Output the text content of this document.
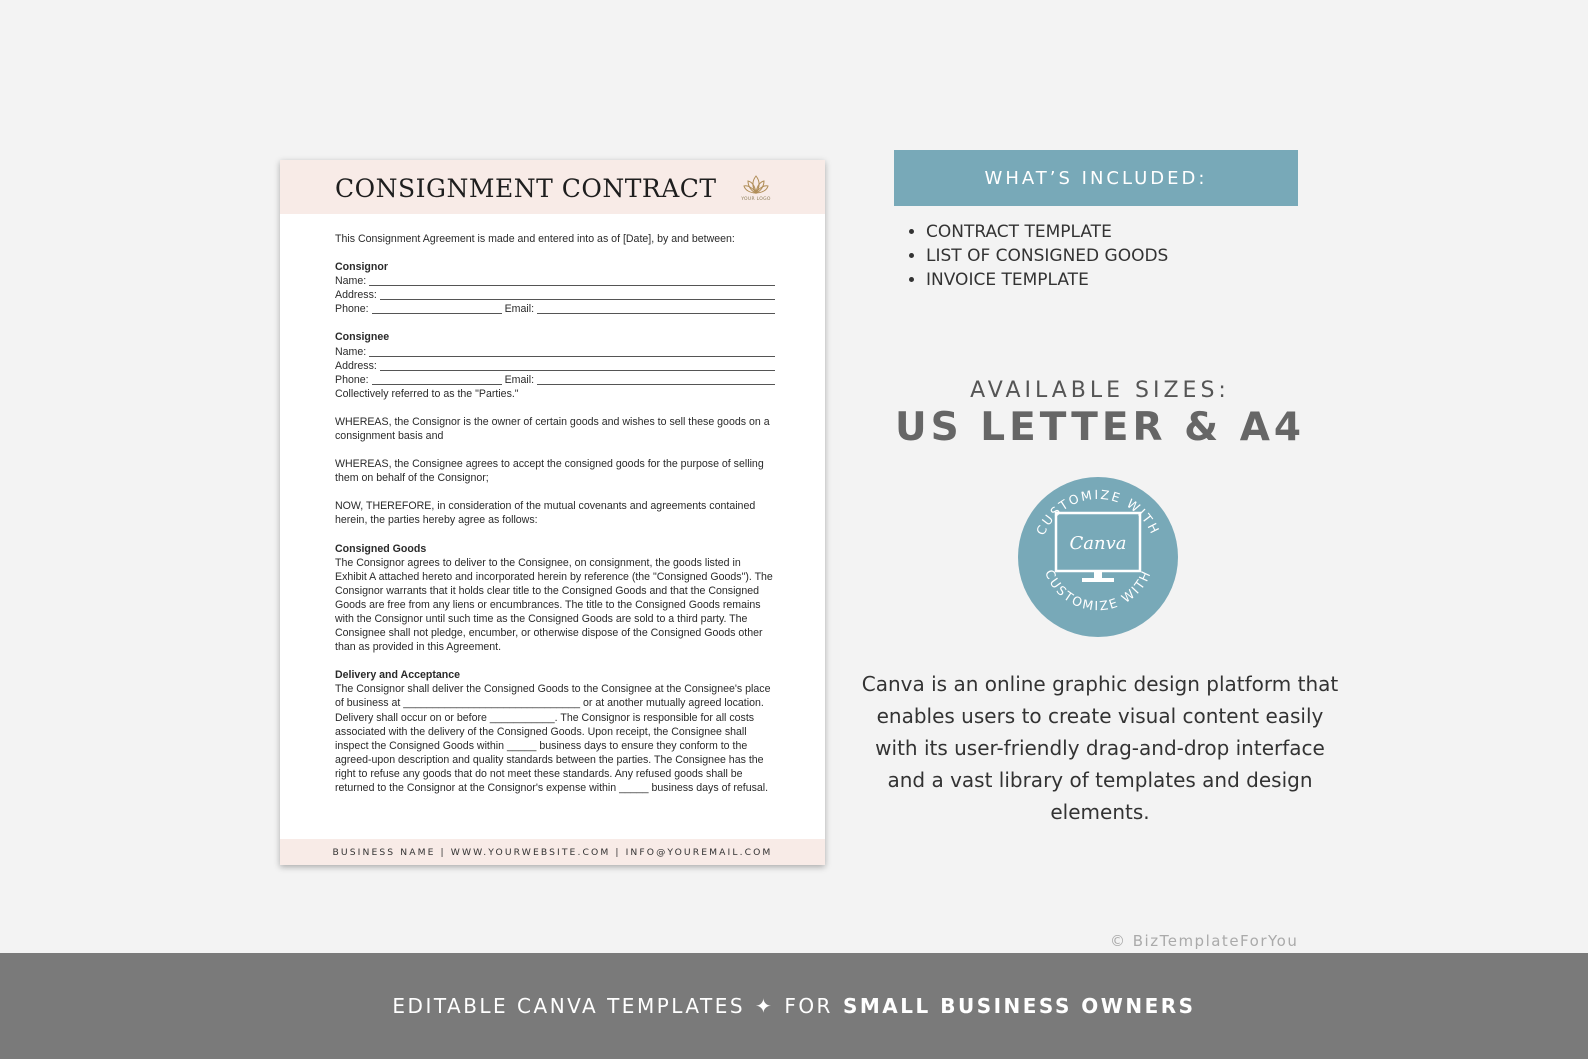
CONSIGNMENT CONTRACT	YOUR LOGO

This Consignment Agreement is made and entered into as of [Date], by and between:

Consignor
Name:
Address:
Phone:	Email:
Consignee
Name:
Address:
Phone:	Email:
Collectively referred to as the "Parties."

WHEREAS, the Consignor is the owner of certain goods and wishes to sell these goods on a consignment basis and

WHEREAS, the Consignee agrees to accept the consigned goods for the purpose of selling them on behalf of the Consignor;

NOW, THEREFORE, in consideration of the mutual covenants and agreements contained herein, the parties hereby agree as follows:

Consigned Goods
The Consignor agrees to deliver to the Consignee, on consignment, the goods listed in Exhibit A attached hereto and incorporated herein by reference (the "Consigned Goods"). The Consignor warrants that it holds clear title to the Consigned Goods and that the Consigned Goods are free from any liens or encumbrances. The title to the Consigned Goods remains with the Consignor until such time as the Consigned Goods are sold to a third party. The Consignee shall not pledge, encumber, or otherwise dispose of the Consigned Goods other than as provided in this Agreement.
Delivery and Acceptance
The Consignor shall deliver the Consigned Goods to the Consignee at the Consignee's place of business at ______________________________ or at another mutually agreed location. Delivery shall occur on or before ___________. The Consignor is responsible for all costs associated with the delivery of the Consigned Goods. Upon receipt, the Consignee shall inspect the Consigned Goods within _____ business days to ensure they conform to the agreed-upon description and quality standards between the parties. The Consignee has the right to refuse any goods that do not meet these standards. Any refused goods shall be returned to the Consignor at the Consignor's expense within _____ business days of refusal.
BUSINESS NAME | WWW.YOURWEBSITE.COM | INFO@YOUREMAIL.COM
WHAT’S INCLUDED:
• CONTRACT TEMPLATE
• LIST OF CONSIGNED GOODS
• INVOICE TEMPLATE
AVAILABLE SIZES:
US LETTER & A4
CUSTOMIZE WITH
CUSTOMIZE WITH
Canva
Canva is an online graphic design platform that enables users to create visual content easily with its user-friendly drag-and-drop interface and a vast library of templates and design elements.
© BizTemplateForYou
EDITABLE CANVA TEMPLATES ✦ FOR SMALL BUSINESS OWNERS
